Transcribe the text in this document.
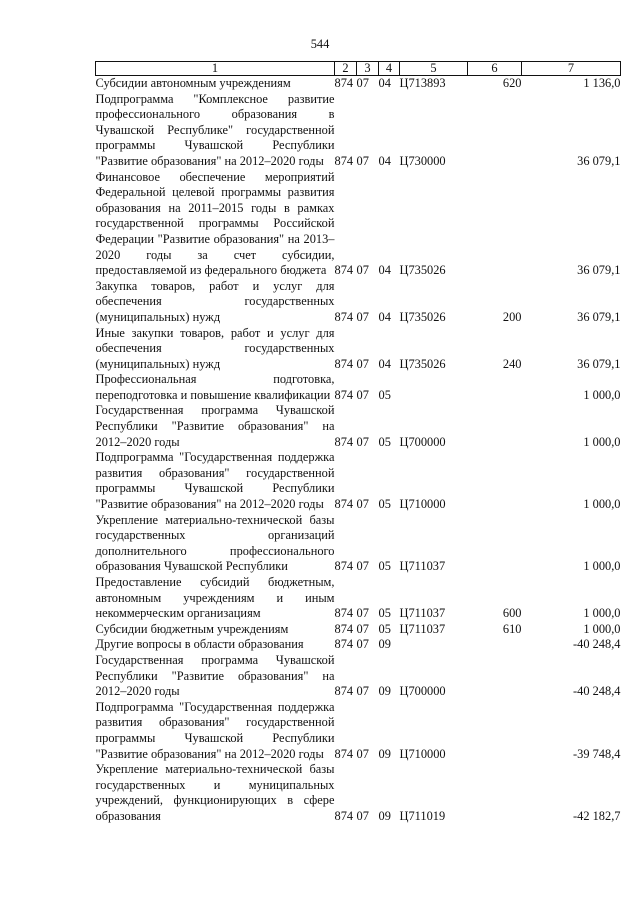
544
1	2	3	4	5	6	7

Субсидии автономным учреждениям	874	07	04	Ц713893	620	1 136,0

Подпрограмма "Комплексное развитие профессионального образования в Чувашской Республике" государственной программы Чувашской Республики "Развитие образования" на 2012–2020 годы	874	07	04	Ц730000		36 079,1

Финансовое обеспечение мероприятий Федеральной целевой программы развития образования на 2011–2015 годы в рамках государственной программы Российской Федерации "Развитие образования" на 2013–2020 годы за счет субсидии, предоставляемой из федерального бюджета	874	07	04	Ц735026		36 079,1

Закупка товаров, работ и услуг для обеспечения государственных (муниципальных) нужд	874	07	04	Ц735026	200	36 079,1

Иные закупки товаров, работ и услуг для обеспечения государственных (муниципальных) нужд	874	07	04	Ц735026	240	36 079,1

Профессиональная подготовка, переподготовка и повышение квалификации	874	07	05			1 000,0

Государственная программа Чувашской Республики "Развитие образования" на 2012–2020 годы	874	07	05	Ц700000		1 000,0

Подпрограмма "Государственная поддержка развития образования" государственной программы Чувашской Республики "Развитие образования" на 2012–2020 годы	874	07	05	Ц710000		1 000,0

Укрепление материально-технической базы государственных организаций дополнительного профессионального образования Чувашской Республики	874	07	05	Ц711037		1 000,0

Предоставление субсидий бюджетным, автономным учреждениям и иным некоммерческим организациям	874	07	05	Ц711037	600	1 000,0

Субсидии бюджетным учреждениям	874	07	05	Ц711037	610	1 000,0

Другие вопросы в области образования	874	07	09			-40 248,4

Государственная программа Чувашской Республики "Развитие образования" на 2012–2020 годы	874	07	09	Ц700000		-40 248,4

Подпрограмма "Государственная поддержка развития образования" государственной программы Чувашской Республики "Развитие образования" на 2012–2020 годы	874	07	09	Ц710000		-39 748,4

Укрепление материально-технической базы государственных и муниципальных учреждений, функционирующих в сфере образования	874	07	09	Ц711019		-42 182,7
